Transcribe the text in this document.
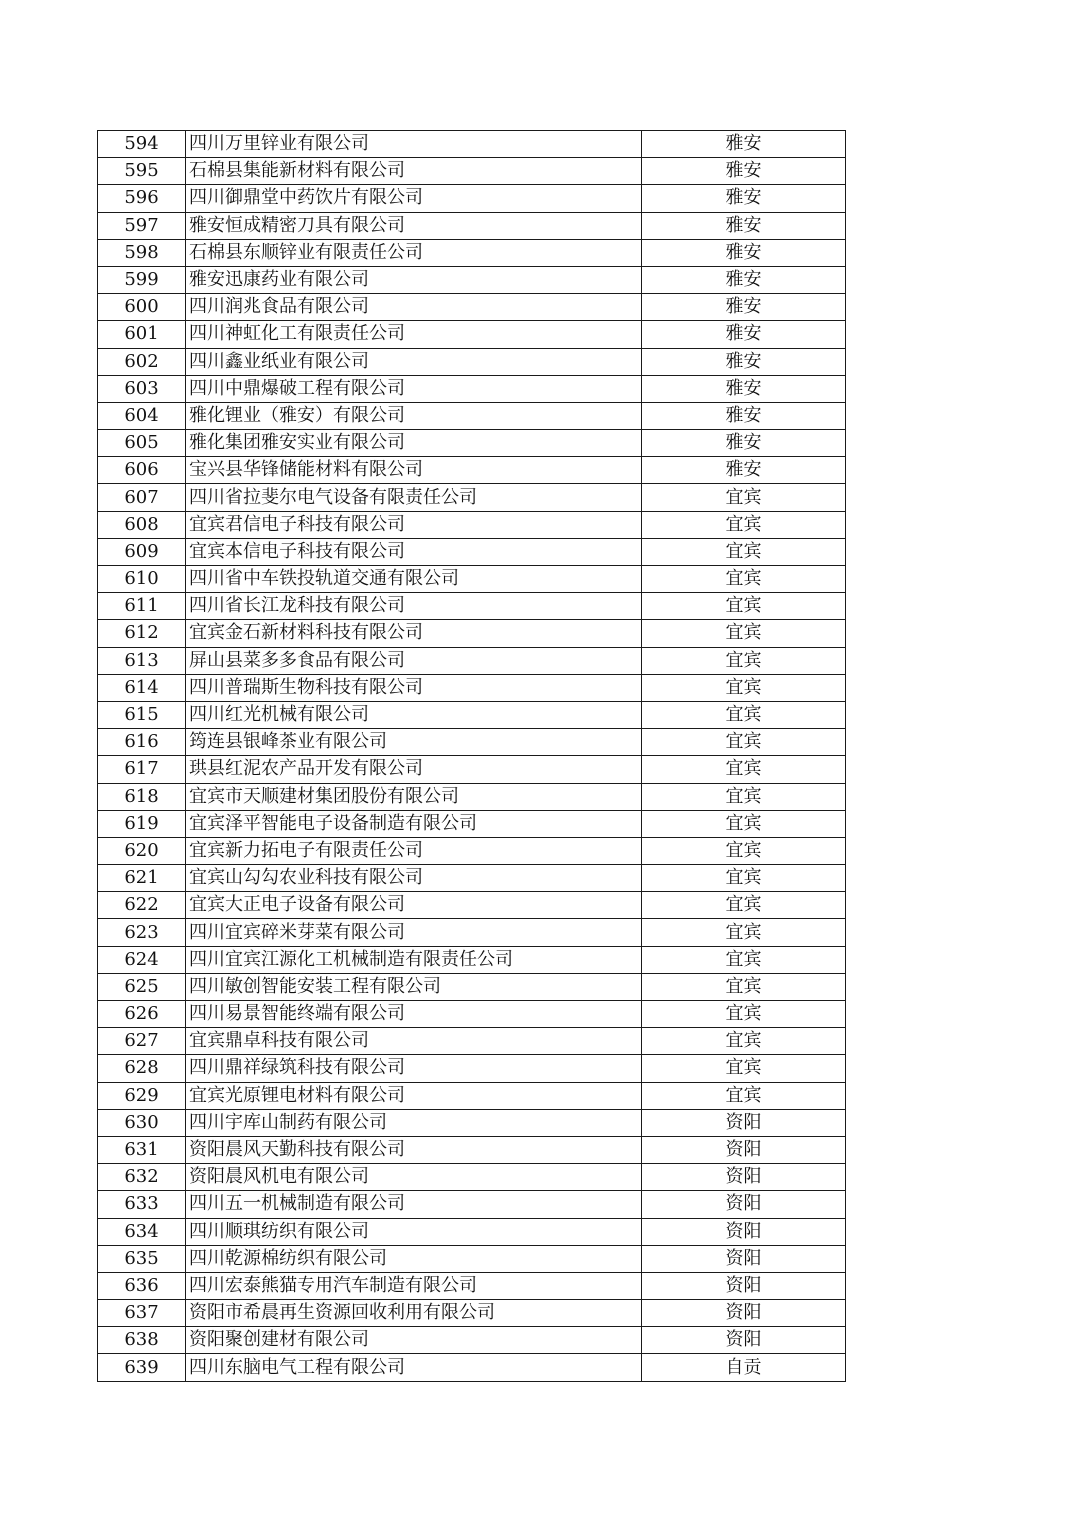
594	四川万里锌业有限公司	雅安
595	石棉县集能新材料有限公司	雅安
596	四川御鼎堂中药饮片有限公司	雅安
597	雅安恒成精密刀具有限公司	雅安
598	石棉县东顺锌业有限责任公司	雅安
599	雅安迅康药业有限公司	雅安
600	四川润兆食品有限公司	雅安
601	四川神虹化工有限责任公司	雅安
602	四川鑫业纸业有限公司	雅安
603	四川中鼎爆破工程有限公司	雅安
604	雅化锂业（雅安）有限公司	雅安
605	雅化集团雅安实业有限公司	雅安
606	宝兴县华锋储能材料有限公司	雅安
607	四川省拉斐尔电气设备有限责任公司	宜宾
608	宜宾君信电子科技有限公司	宜宾
609	宜宾本信电子科技有限公司	宜宾
610	四川省中车铁投轨道交通有限公司	宜宾
611	四川省长江龙科技有限公司	宜宾
612	宜宾金石新材料科技有限公司	宜宾
613	屏山县菜多多食品有限公司	宜宾
614	四川普瑞斯生物科技有限公司	宜宾
615	四川红光机械有限公司	宜宾
616	筠连县银峰茶业有限公司	宜宾
617	珙县红泥农产品开发有限公司	宜宾
618	宜宾市天顺建材集团股份有限公司	宜宾
619	宜宾泽平智能电子设备制造有限公司	宜宾
620	宜宾新力拓电子有限责任公司	宜宾
621	宜宾山勾勾农业科技有限公司	宜宾
622	宜宾大正电子设备有限公司	宜宾
623	四川宜宾碎米芽菜有限公司	宜宾
624	四川宜宾江源化工机械制造有限责任公司	宜宾
625	四川敏创智能安装工程有限公司	宜宾
626	四川易景智能终端有限公司	宜宾
627	宜宾鼎卓科技有限公司	宜宾
628	四川鼎祥绿筑科技有限公司	宜宾
629	宜宾光原锂电材料有限公司	宜宾
630	四川宇库山制药有限公司	资阳
631	资阳晨风天勤科技有限公司	资阳
632	资阳晨风机电有限公司	资阳
633	四川五一机械制造有限公司	资阳
634	四川顺琪纺织有限公司	资阳
635	四川乾源棉纺织有限公司	资阳
636	四川宏泰熊猫专用汽车制造有限公司	资阳
637	资阳市希晨再生资源回收利用有限公司	资阳
638	资阳聚创建材有限公司	资阳
639	四川东脑电气工程有限公司	自贡
